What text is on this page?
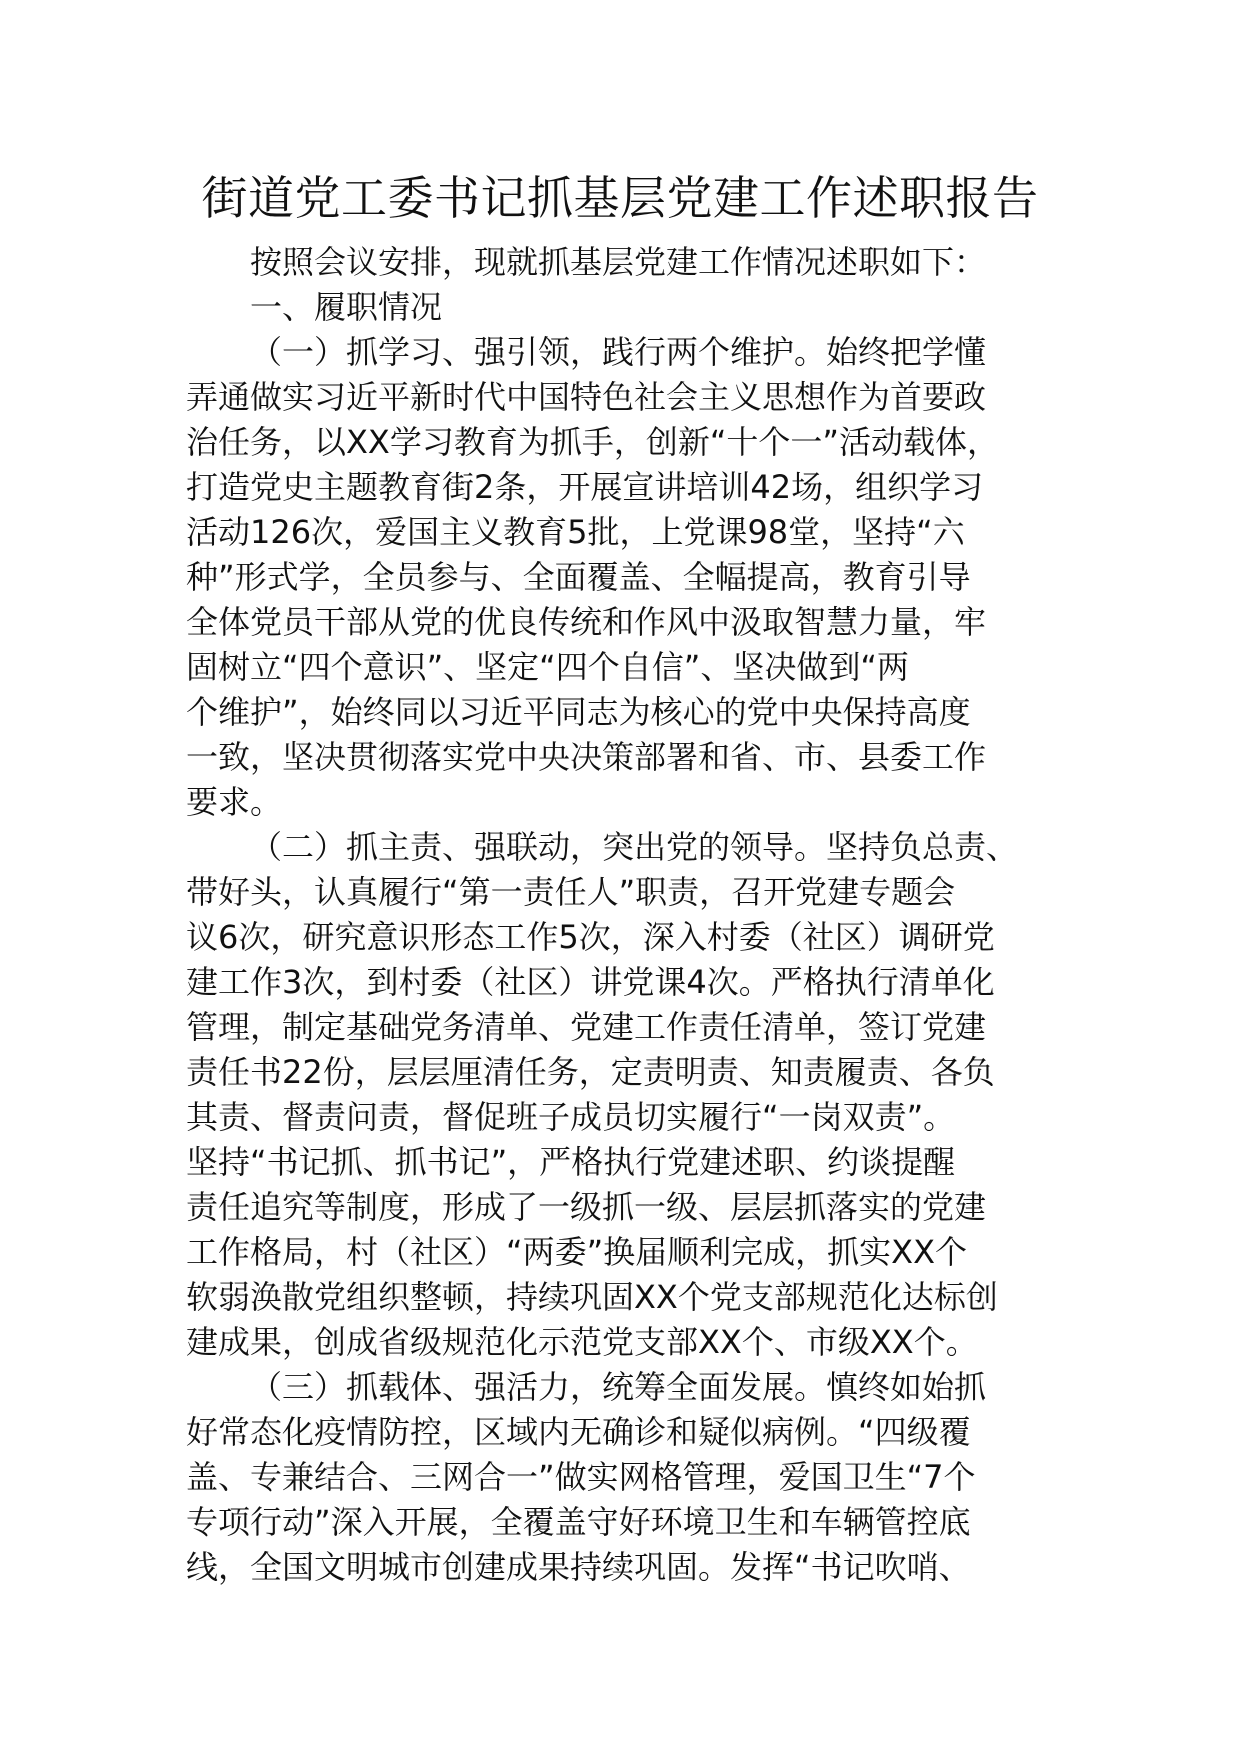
街道党工委书记抓基层党建工作述职报告
按照会议安排，现就抓基层党建工作情况述职如下：
一、履职情况
（一）抓学习、强引领，践行两个维护。始终把学懂
弄通做实习近平新时代中国特色社会主义思想作为首要政
治任务，以XX学习教育为抓手，创新“十个一”活动载体，
打造党史主题教育街2条，开展宣讲培训42场，组织学习
活动126次，爱国主义教育5批，上党课98堂，坚持“六
种”形式学，全员参与、全面覆盖、全幅提高，教育引导
全体党员干部从党的优良传统和作风中汲取智慧力量，牢
固树立“四个意识”、坚定“四个自信”、坚决做到“两
个维护”，始终同以习近平同志为核心的党中央保持高度
一致，坚决贯彻落实党中央决策部署和省、市、县委工作
要求。
（二）抓主责、强联动，突出党的领导。坚持负总责、
带好头，认真履行“第一责任人”职责，召开党建专题会
议6次，研究意识形态工作5次，深入村委（社区）调研党
建工作3次，到村委（社区）讲党课4次。严格执行清单化
管理，制定基础党务清单、党建工作责任清单，签订党建
责任书22份，层层厘清任务，定责明责、知责履责、各负
其责、督责问责，督促班子成员切实履行“一岗双责”。
坚持“书记抓、抓书记”，严格执行党建述职、约谈提醒
责任追究等制度，形成了一级抓一级、层层抓落实的党建
工作格局，村（社区）“两委”换届顺利完成，抓实XX个
软弱涣散党组织整顿，持续巩固XX个党支部规范化达标创
建成果，创成省级规范化示范党支部XX个、市级XX个。
（三）抓载体、强活力，统筹全面发展。慎终如始抓
好常态化疫情防控，区域内无确诊和疑似病例。“四级覆
盖、专兼结合、三网合一”做实网格管理，爱国卫生“7个
专项行动”深入开展，全覆盖守好环境卫生和车辆管控底
线，全国文明城市创建成果持续巩固。发挥“书记吹哨、
